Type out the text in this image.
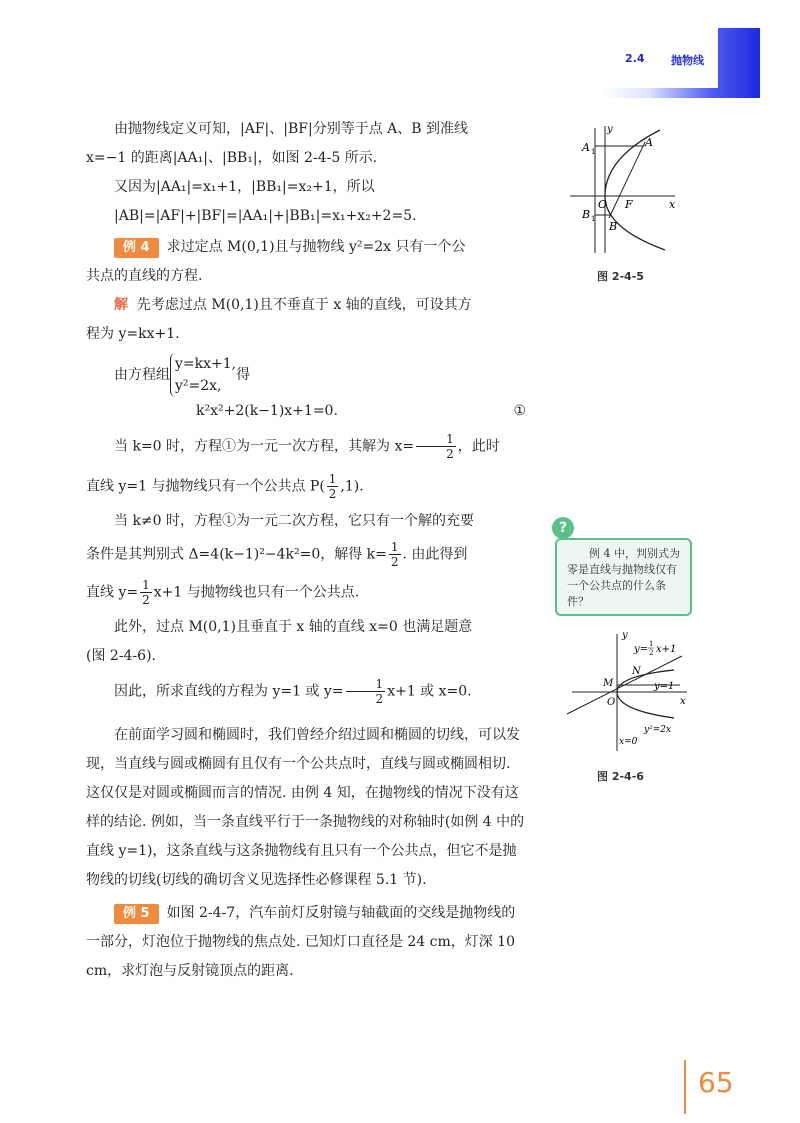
2.4 抛物线

由抛物线定义可知，|AF|、|BF|分别等于点 A、B 到准线

x=−1 的距离|AA₁|、|BB₁|，如图 2-4-5 所示.

又因为|AA₁|=x₁+1，|BB₁|=x₂+1，所以

|AB|=|AF|+|BF|=|AA₁|+|BB₁|=x₁+x₂+2=5.

例 4 求过定点 M(0,1)且与抛物线 y²=2x 只有一个公

共点的直线的方程.

解 先考虑过点 M(0,1)且不垂直于 x 轴的直线，可设其方

程为 y=kx+1.

由方程组
y=kx+1,
y²=2x,
得

k²x²+2(k−1)x+1=0.	①

当 k=0 时，方程①为一元一次方程，其解为 $x= \frac{1}{2}$ ，此时

直线 y=1 与抛物线只有一个公共点 $P( \frac{1}{2} ,1)$.

当 k≠0 时，方程①为一元二次方程，它只有一个解的充要

条件是其判别式 Δ=4(k−1)²−4k²=0，解得 $k= \frac{1}{2}$ . 由此得到

直线 $y= \frac{1}{2} x+1$ 与抛物线也只有一个公共点.

此外，过点 M(0,1)且垂直于 x 轴的直线 x=0 也满足题意

(图 2-4-6).

因此，所求直线的方程为 y=1 或 $y= \frac{1}{2} x+1$ 或 x=0.

在前面学习圆和椭圆时，我们曾经介绍过圆和椭圆的切线，可以发现，当直线与圆或椭圆有且仅有一个公共点时，直线与圆或椭圆相切. 这仅仅是对圆或椭圆而言的情况. 由例 4 知，在抛物线的情况下没有这样的结论. 例如，当一条直线平行于一条抛物线的对称轴时(如例 4 中的直线 y=1)，这条直线与这条抛物线有且只有一个公共点，但它不是抛物线的切线(切线的确切含义见选择性必修课程 5.1 节).

例 5 如图 2-4-7，汽车前灯反射镜与轴截面的交线是抛物线的一部分，灯泡位于抛物线的焦点处. 已知灯口直径是 24 cm，灯深 10 cm，求灯泡与反射镜顶点的距离.

y
x
A
A 1
B 1
O F
B
图 2-4-5
?
例 4 中，判别式为零是直线与抛物线仅有一个公共点的什么条件？
y
x
y= 1
2 x+1
N
M	y=1
O
x=0
y²=2x
图 2-4-6
65
